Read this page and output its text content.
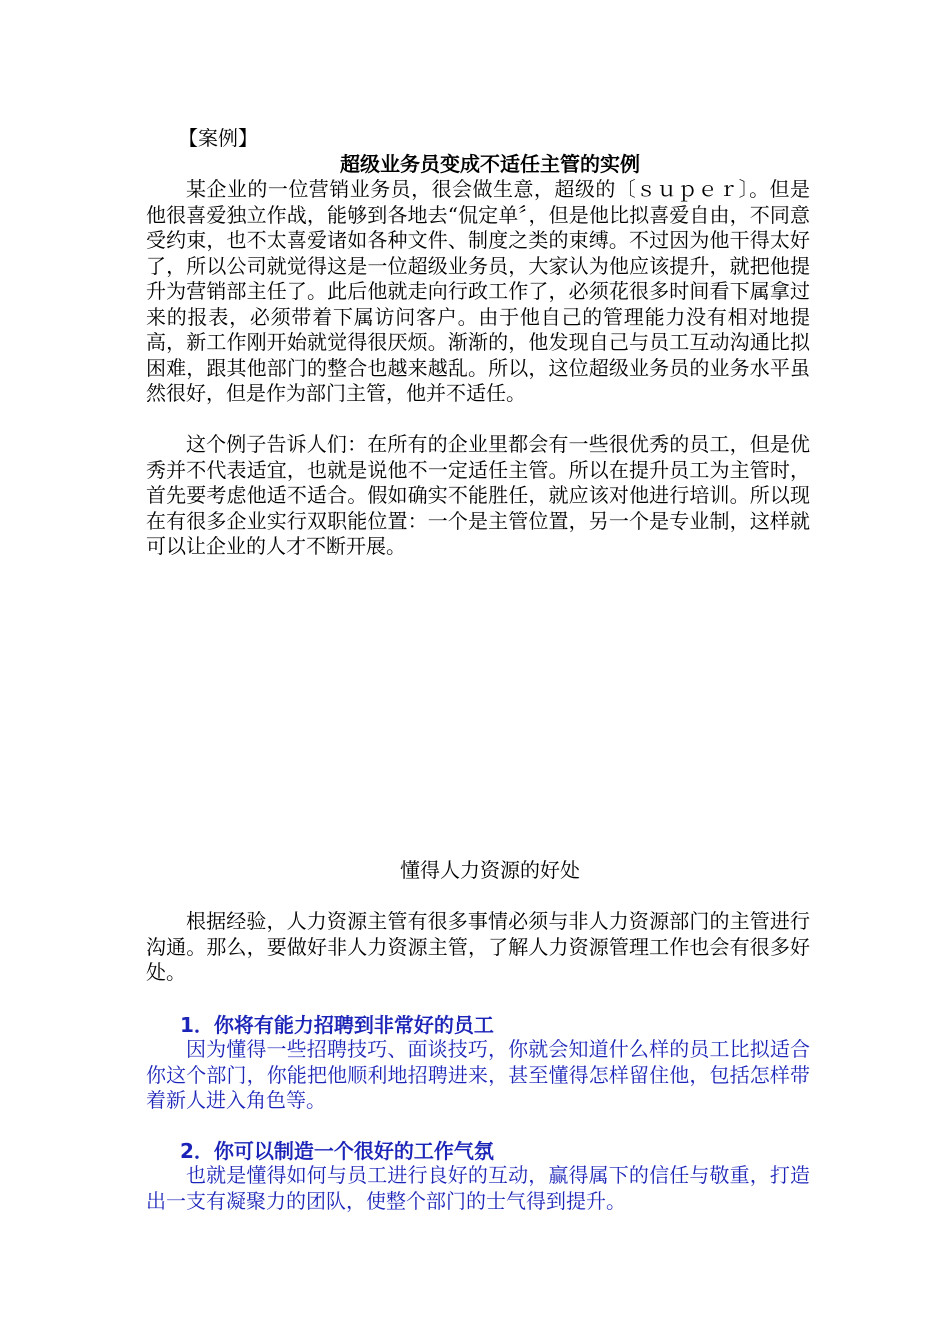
【案例】
超级业务员变成不适任主管的实例

某企业的一位营销业务员，很会做生意，超级的〔ｓｕｐｅｒ〕。但是他很喜爱独立作战，能够到各地去“侃定单〞，但是他比拟喜爱自由，不同意受约束，也不太喜爱诸如各种文件、制度之类的束缚。不过因为他干得太好了，所以公司就觉得这是一位超级业务员，大家认为他应该提升，就把他提升为营销部主任了。此后他就走向行政工作了，必须花很多时间看下属拿过来的报表，必须带着下属访问客户。由于他自己的管理能力没有相对地提高，新工作刚开始就觉得很厌烦。渐渐的，他发现自己与员工互动沟通比拟困难，跟其他部门的整合也越来越乱。所以，这位超级业务员的业务水平虽然很好，但是作为部门主管，他并不适任。

这个例子告诉人们：在所有的企业里都会有一些很优秀的员工，但是优秀并不代表适宜，也就是说他不一定适任主管。所以在提升员工为主管时，首先要考虑他适不适合。假如确实不能胜任，就应该对他进行培训。所以现在有很多企业实行双职能位置：一个是主管位置，另一个是专业制，这样就可以让企业的人才不断开展。

懂得人力资源的好处

根据经验，人力资源主管有很多事情必须与非人力资源部门的主管进行沟通。那么，要做好非人力资源主管，了解人力资源管理工作也会有很多好处。

1．你将有能力招聘到非常好的员工

因为懂得一些招聘技巧、面谈技巧，你就会知道什么样的员工比拟适合你这个部门，你能把他顺利地招聘进来，甚至懂得怎样留住他，包括怎样带着新人进入角色等。

2．你可以制造一个很好的工作气氛

也就是懂得如何与员工进行良好的互动，赢得属下的信任与敬重，打造出一支有凝聚力的团队，使整个部门的士气得到提升。
